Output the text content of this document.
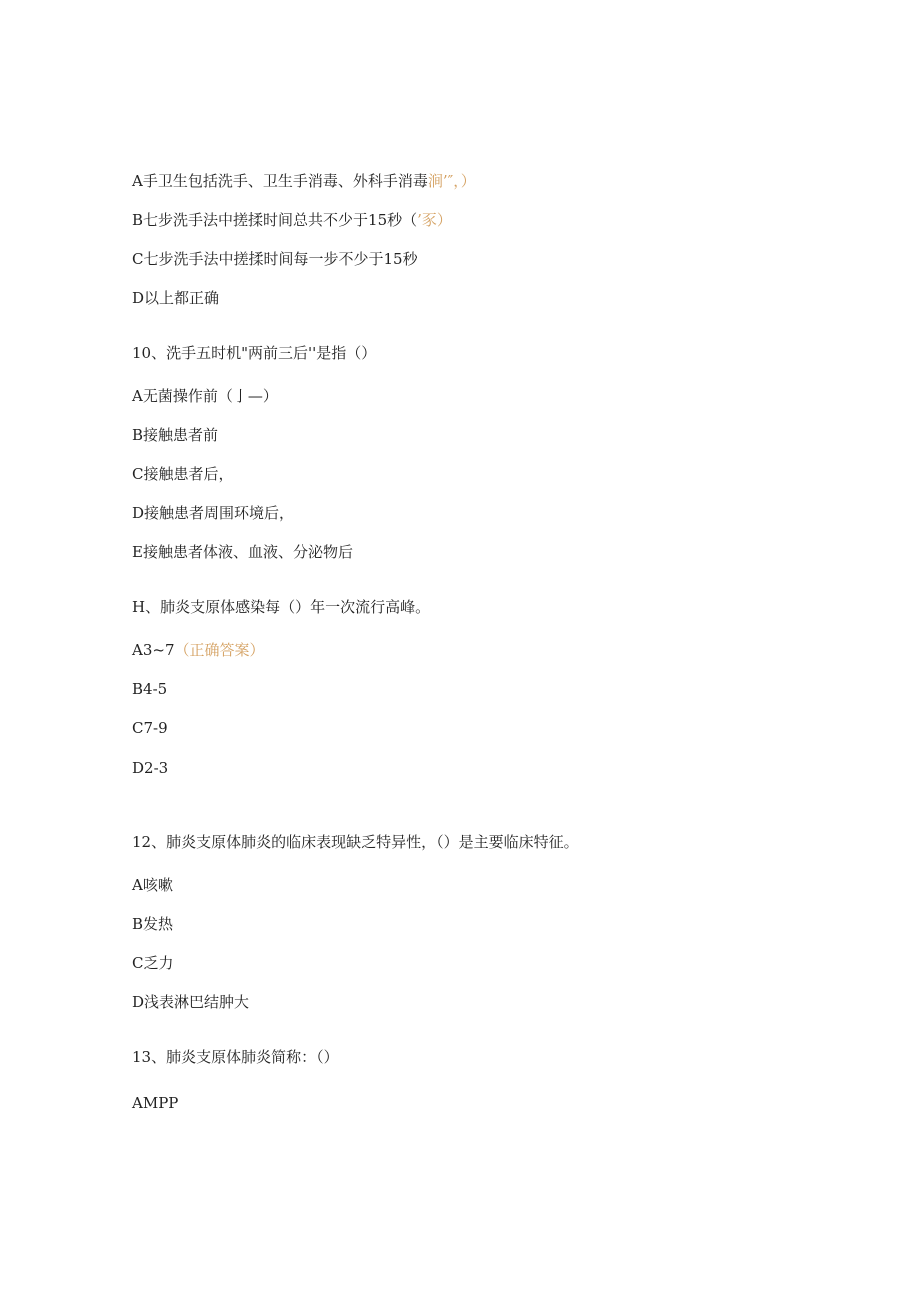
A手卫生包括洗手、卫生手消毒、外科手消毒涧’″，）
B七步洗手法中搓揉时间总共不少于15秒（’豕）
C七步洗手法中搓揉时间每一步不少于15秒
D以上都正确
10、洗手五时机"两前三后''是指（）
A无菌操作前（亅—）
B接触患者前
C接触患者后，
D接触患者周围环境后，
E接触患者体液、血液、分泌物后
H、肺炎支原体感染每（）年一次流行高峰。
A3~7（正确答案）
B4-5
C7-9
D2-3
12、肺炎支原体肺炎的临床表现缺乏特异性，（）是主要临床特征。
A咳嗽
B发热
C乏力
D浅表淋巴结肿大
13、肺炎支原体肺炎简称：（）
AMPP
